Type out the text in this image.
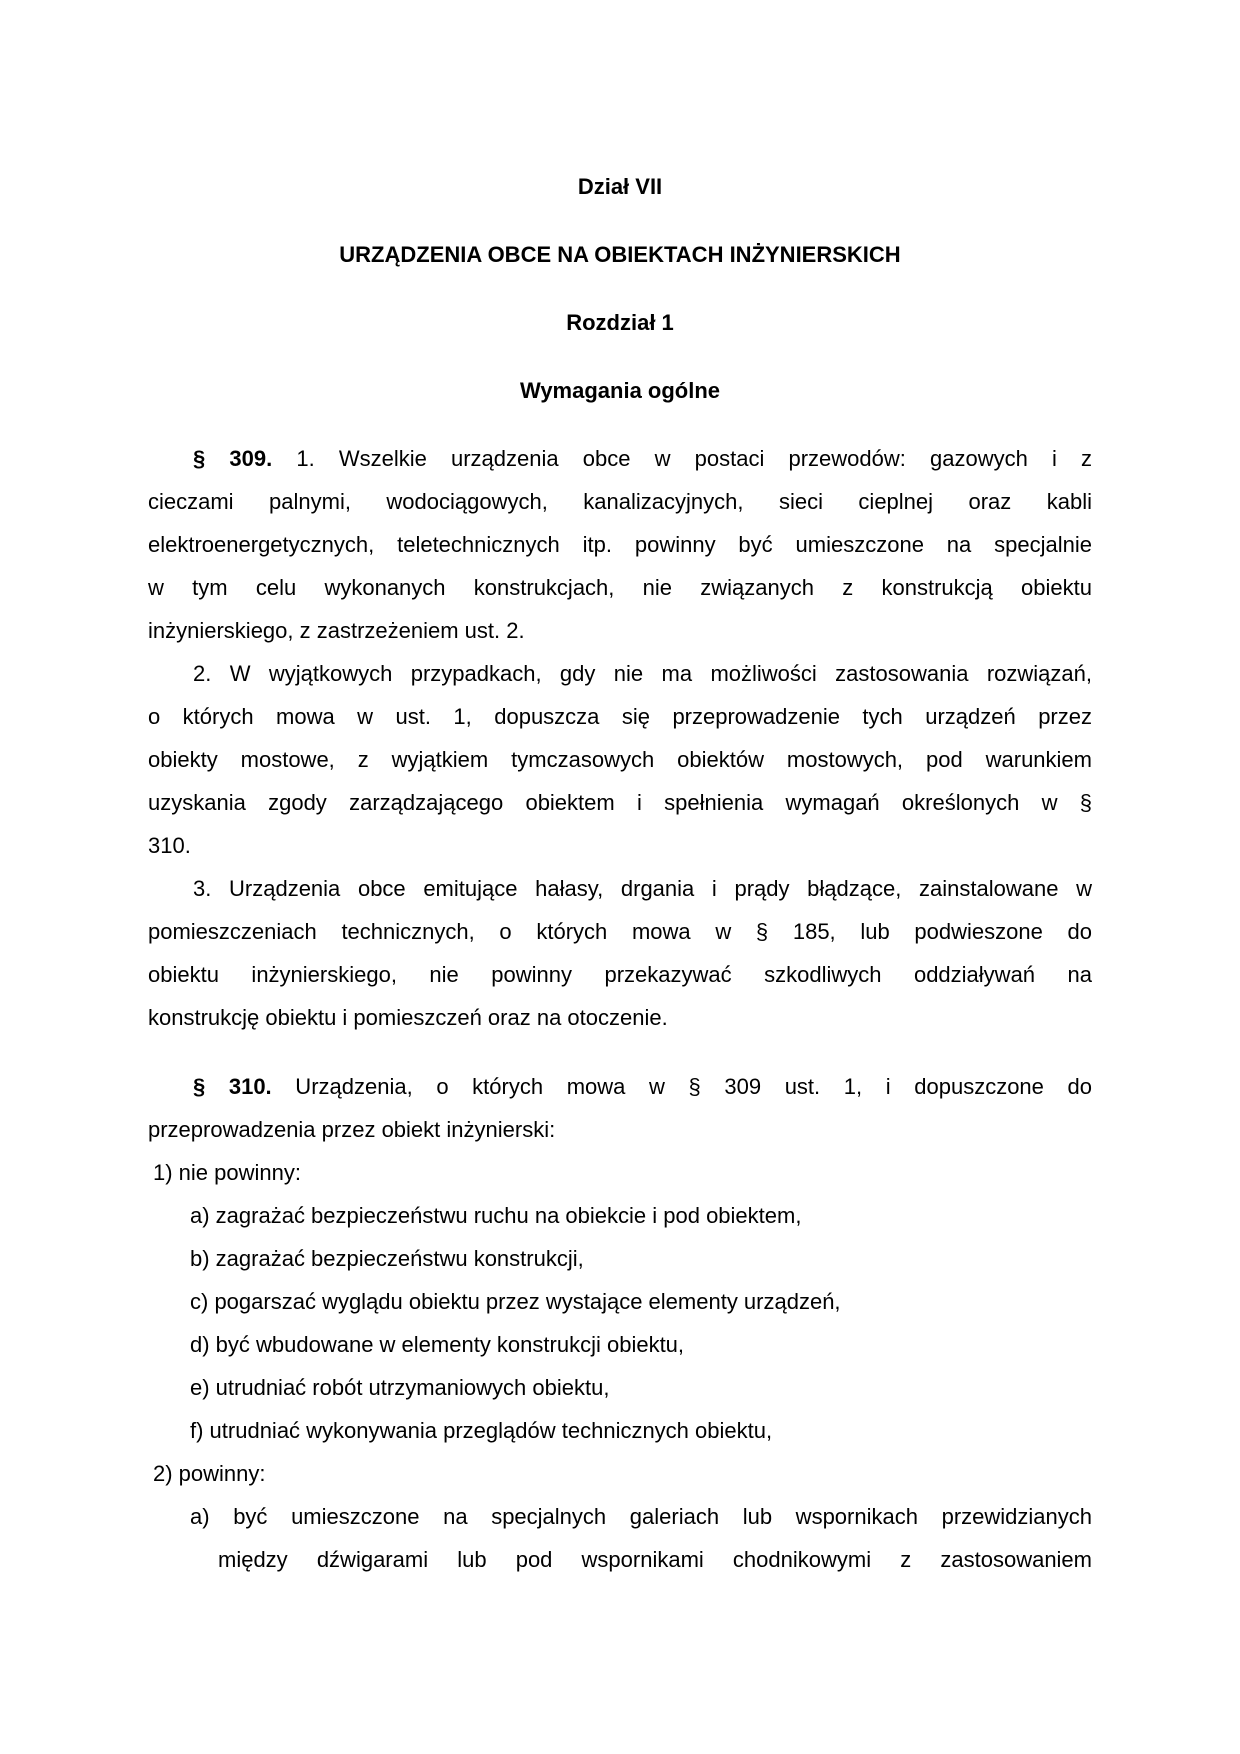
Dział VII

URZĄDZENIA OBCE NA OBIEKTACH INŻYNIERSKICH

Rozdział 1

Wymagania ogólne

§ 309. 1. Wszelkie urządzenia obce w postaci przewodów: gazowych i z

cieczami palnymi, wodociągowych, kanalizacyjnych, sieci cieplnej oraz kabli

elektroenergetycznych, teletechnicznych itp. powinny być umieszczone na specjalnie

w tym celu wykonanych konstrukcjach, nie związanych z konstrukcją obiektu

inżynierskiego, z zastrzeżeniem ust. 2.

2. W wyjątkowych przypadkach, gdy nie ma możliwości zastosowania rozwiązań,

o których mowa w ust. 1, dopuszcza się przeprowadzenie tych urządzeń przez

obiekty mostowe, z wyjątkiem tymczasowych obiektów mostowych, pod warunkiem

uzyskania zgody zarządzającego obiektem i spełnienia wymagań określonych w §

310.

3. Urządzenia obce emitujące hałasy, drgania i prądy błądzące, zainstalowane w

pomieszczeniach technicznych, o których mowa w § 185, lub podwieszone do

obiektu inżynierskiego, nie powinny przekazywać szkodliwych oddziaływań na

konstrukcję obiektu i pomieszczeń oraz na otoczenie.

§ 310. Urządzenia, o których mowa w § 309 ust. 1, i dopuszczone do

przeprowadzenia przez obiekt inżynierski:

1) nie powinny:

a) zagrażać bezpieczeństwu ruchu na obiekcie i pod obiektem,

b) zagrażać bezpieczeństwu konstrukcji,

c) pogarszać wyglądu obiektu przez wystające elementy urządzeń,

d) być wbudowane w elementy konstrukcji obiektu,

e) utrudniać robót utrzymaniowych obiektu,

f) utrudniać wykonywania przeglądów technicznych obiektu,

2) powinny:

a) być umieszczone na specjalnych galeriach lub wspornikach przewidzianych

między dźwigarami lub pod wspornikami chodnikowymi z zastosowaniem
